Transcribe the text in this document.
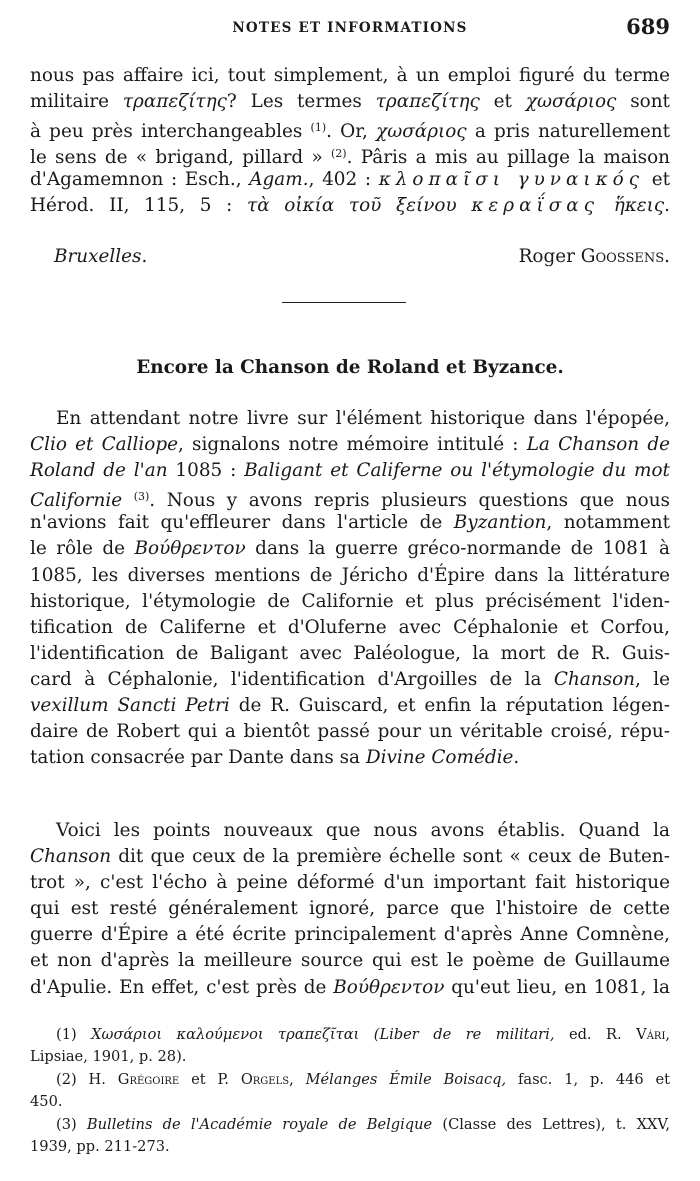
NOTES ET INFORMATIONS	689
nous pas affaire ici, tout simplement, à un emploi figuré du terme
militaire τραπεζίτης? Les termes τραπεζίτης et χωσάριος sont
à peu près interchangeables $^{(1)}$. Or, χωσάριος a pris naturellement
le sens de « brigand, pillard » $^{(2)}$. Pâris a mis au pillage la maison
d'Agamemnon : Esch., Agam., 402 : κλοπαῖσι γυναικός et
Hérod. II, 115, 5 : τὰ οἰκία τοῦ ξείνου κεραΐσας ἥκεις.
Bruxelles.	Roger Goossens.
Encore la Chanson de Roland et Byzance.
En attendant notre livre sur l'élément historique dans l'épopée,
Clio et Calliope, signalons notre mémoire intitulé : La Chanson de
Roland de l'an 1085 : Baligant et Califerne ou l'étymologie du mot
Californie $^{(3)}$. Nous y avons repris plusieurs questions que nous
n'avions fait qu'effleurer dans l'article de Byzantion, notamment
le rôle de Βούθρεντον dans la guerre gréco-normande de 1081 à
1085, les diverses mentions de Jéricho d'Épire dans la littérature
historique, l'étymologie de Californie et plus précisément l'iden-
tification de Califerne et d'Oluferne avec Céphalonie et Corfou,
l'identification de Baligant avec Paléologue, la mort de R. Guis-
card à Céphalonie, l'identification d'Argoilles de la Chanson, le
vexillum Sancti Petri de R. Guiscard, et enfin la réputation légen-
daire de Robert qui a bientôt passé pour un véritable croisé, répu-
tation consacrée par Dante dans sa Divine Comédie.
Voici les points nouveaux que nous avons établis. Quand la
Chanson dit que ceux de la première échelle sont « ceux de Buten-
trot », c'est l'écho à peine déformé d'un important fait historique
qui est resté généralement ignoré, parce que l'histoire de cette
guerre d'Épire a été écrite principalement d'après Anne Comnène,
et non d'après la meilleure source qui est le poème de Guillaume
d'Apulie. En effet, c'est près de Βούθρεντον qu'eut lieu, en 1081, la
(1) Χωσάριοι καλούμενοι τραπεζῖται (Liber de re militari, ed. R. Vári,
Lipsiae, 1901, p. 28).
(2) H. Grégoire et P. Orgels, Mélanges Émile Boisacq, fasc. 1, p. 446 et
450.
(3) Bulletins de l'Académie royale de Belgique (Classe des Lettres), t. XXV,
1939, pp. 211-273.
